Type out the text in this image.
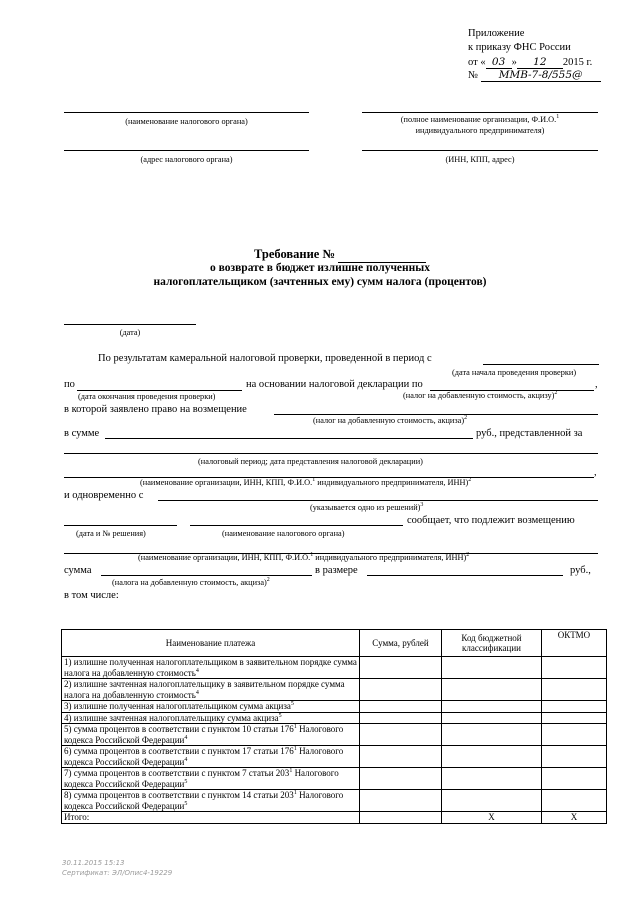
Приложение
к приказу ФНС России
от « 03 » 12 2015 г.
№ ММВ-7-8/555@
(наименование налогового органа)	(полное наименование организации, Ф.И.О.$^1$
индивидуального предпринимателя)
(адрес налогового органа)	(ИНН, КПП, адрес)
Требование №
о возврате в бюджет излишне полученных
налогоплательщиком (зачтенных ему) сумм налога (процентов)
(дата)
По результатам камеральной налоговой проверки, проведенной в период с
(дата начала проведения проверки)
по	на основании налоговой декларации по	,
(дата окончания проведения проверки)	(налог на добавленную стоимость, акцизу)$^2$
в которой заявлено право на возмещение
(налог на добавленную стоимость, акциза)$^2$
в сумме	руб., представленной за
(налоговый период; дата представления налоговой декларации)
,
(наименование организации, ИНН, КПП, Ф.И.О.$^1$ индивидуального предпринимателя, ИНН)$^2$
и одновременно с
(указывается одно из решений)$^3$
сообщает, что подлежит возмещению
(дата и № решения)	(наименование налогового органа)
(наименование организации, ИНН, КПП, Ф.И.О.$^1$ индивидуального предпринимателя, ИНН)$^2$
сумма	в размере	руб.,
(налога на добавленную стоимость, акциза)$^2$
в том числе:
Наименование платежа	Сумма, рублей	Код бюджетной классификации	ОКТМО
1) излишне полученная налогоплательщиком в заявительном порядке сумма налога на добавленную стоимость$^4$			
2) излишне зачтенная налогоплательщику в заявительном порядке сумма налога на добавленную стоимость$^4$			
3) излишне полученная налогоплательщиком сумма акциза$^5$			
4) излишне зачтенная налогоплательщику сумма акциза$^5$			
5) сумма процентов в соответствии с пунктом 10 статьи $176^1$ Налогового кодекса Российской Федерации$^4$			
6) сумма процентов в соответствии с пунктом 17 статьи $176^1$ Налогового кодекса Российской Федерации$^4$			
7) сумма процентов в соответствии с пунктом 7 статьи $203^1$ Налогового кодекса Российской Федерации$^5$			
8) сумма процентов в соответствии с пунктом 14 статьи $203^1$ Налогового кодекса Российской Федерации$^5$			
Итого:		X	X
30.11.2015 15:13
Сертификат: ЭЛ/Опис4-19229
